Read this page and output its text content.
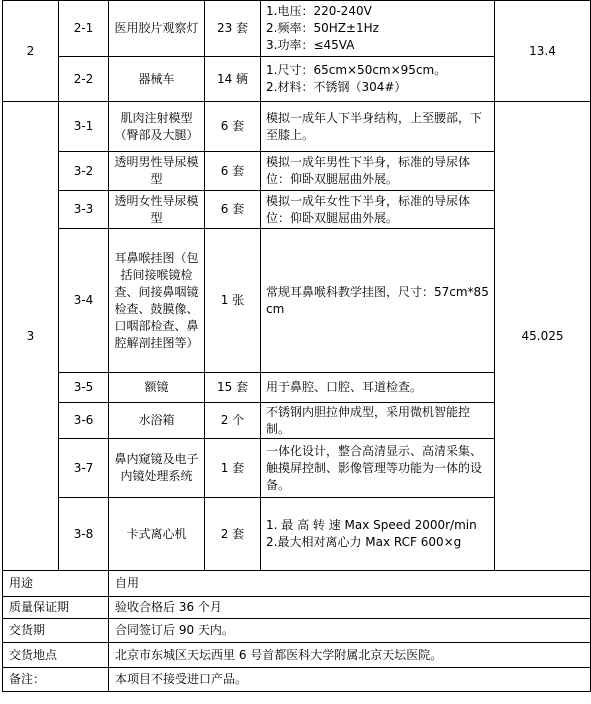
2	2-1	医用胶片观察灯	23 套	1.电压：220-240V
2.频率：50HZ±1Hz
3.功率：≤45VA	13.4
	2-2	器械车	14 辆	1.尺寸：65cm×50cm×95cm。
2.材料：不锈钢（304#）	

3	3-1	肌肉注射模型（臀部及大腿）	6 套	模拟一成年人下半身结构，上至腰部，下至膝上。	45.025
	3-2	透明男性导尿模型	6 套	模拟一成年男性下半身，标准的导尿体位：仰卧双腿屈曲外展。	

	3-3	透明女性导尿模型	6 套	模拟一成年女性下半身，标准的导尿体位：仰卧双腿屈曲外展。	

	3-4	耳鼻喉挂图（包括间接喉镜检查、间接鼻咽镜检查、鼓膜像、口咽部检查、鼻腔解剖挂图等）	1 张	常规耳鼻喉科教学挂图，尺寸：57cm*85cm	

	3-5	额镜	15 套	用于鼻腔、口腔、耳道检查。	

	3-6	水浴箱	2 个	不锈钢内胆拉伸成型，采用微机智能控制。	

	3-7	鼻内窥镜及电子内镜处理系统	1 套	一体化设计，整合高清显示、高清采集、触摸屏控制、影像管理等功能为一体的设备。	

	3-8	卡式离心机	2 套	1. 最 高 转 速 Max Speed 2000r/min
2.最大相对离心力 Max RCF 600×g	

用途		自用			
质量保证期		验收合格后 36 个月			
交货期		合同签订后 90 天内。			
交货地点		北京市东城区天坛西里 6 号首都医科大学附属北京天坛医院。			
备注：		本项目不接受进口产品。			
